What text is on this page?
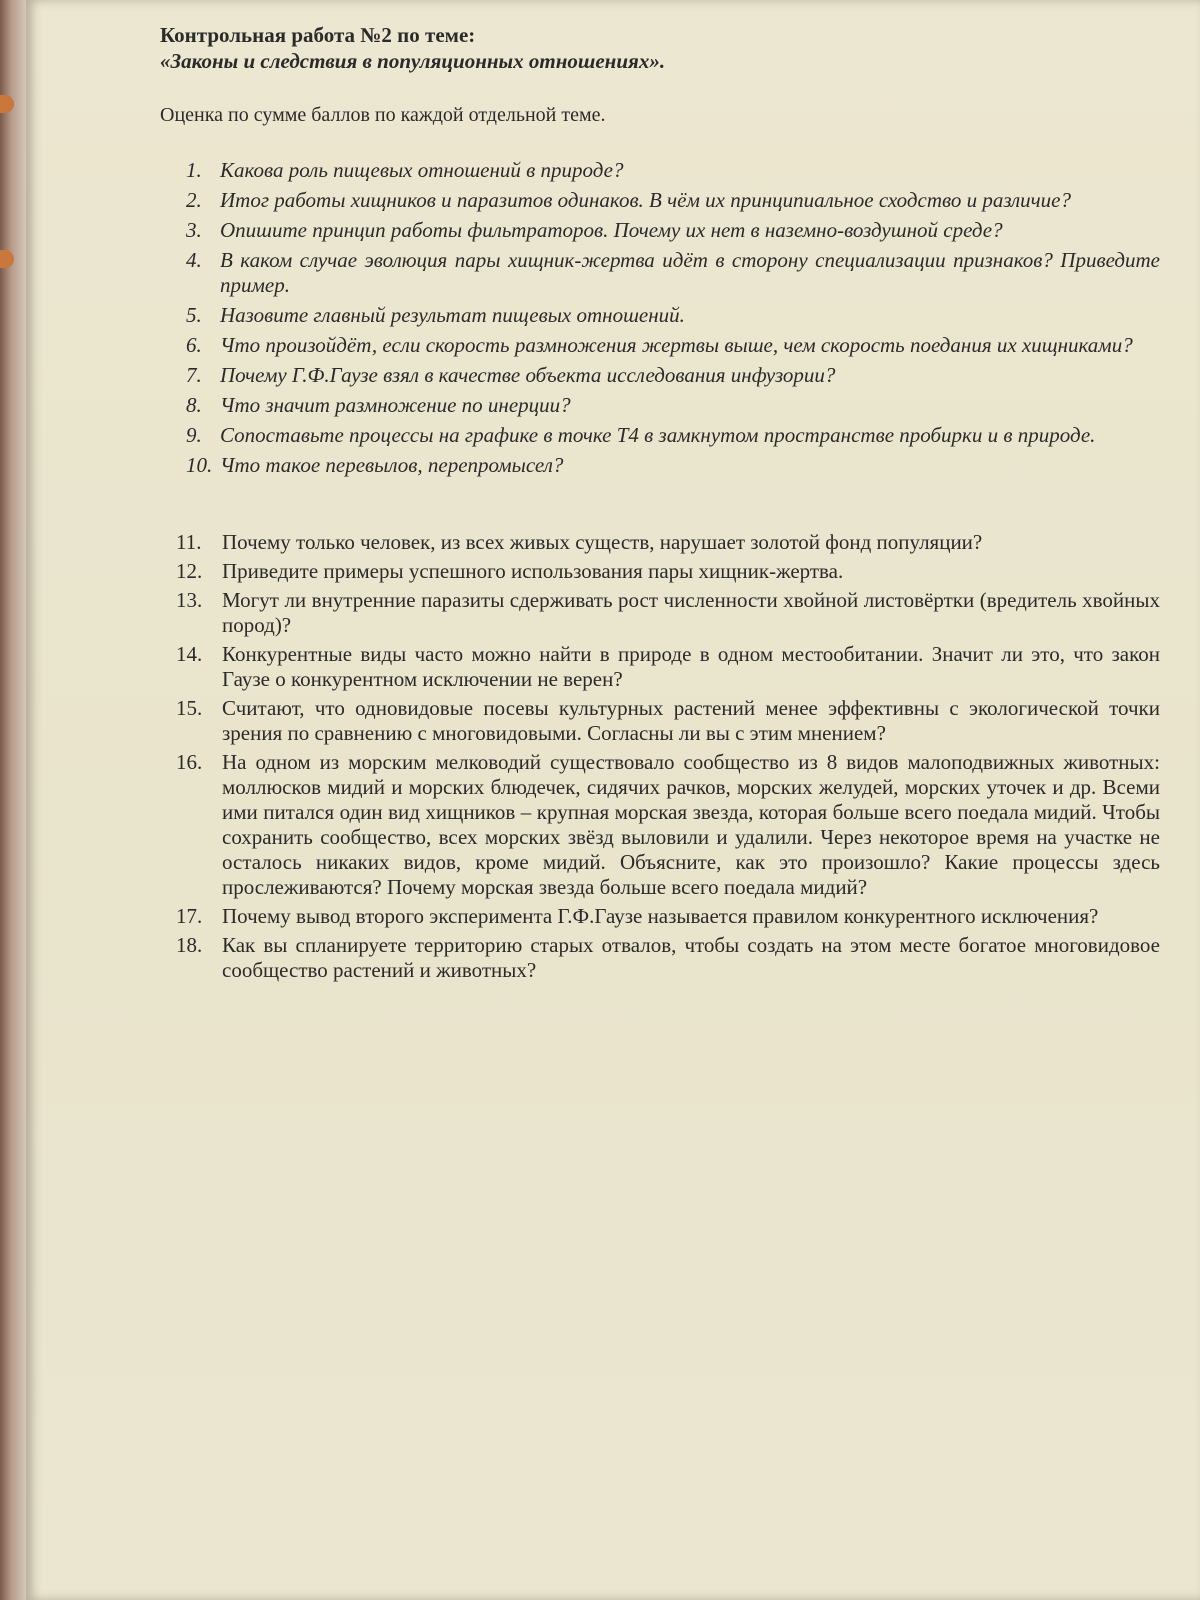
Контрольная работа №2 по теме:

«Законы и следствия в популяционных отношениях».

Оценка по сумме баллов по каждой отдельной теме.

1. Какова роль пищевых отношений в природе?
2. Итог работы хищников и паразитов одинаков. В чём их принципиальное сходство и различие?
3. Опишите принцип работы фильтраторов. Почему их нет в наземно-воздушной среде?
4. В каком случае эволюция пары хищник-жертва идёт в сторону специализации признаков? Приведите пример.
5. Назовите главный результат пищевых отношений.
6. Что произойдёт, если скорость размножения жертвы выше, чем скорость поедания их хищниками?
7. Почему Г.Ф.Гаузе взял в качестве объекта исследования инфузории?
8. Что значит размножение по инерции?
9. Сопоставьте процессы на графике в точке Т4 в замкнутом пространстве пробирки и в природе.
10. Что такое перевылов, перепромысел?
11. Почему только человек, из всех живых существ, нарушает золотой фонд популяции?
12. Приведите примеры успешного использования пары хищник-жертва.
13. Могут ли внутренние паразиты сдерживать рост численности хвойной листовёртки (вредитель хвойных пород)?
14. Конкурентные виды часто можно найти в природе в одном местообитании. Значит ли это, что закон Гаузе о конкурентном исключении не верен?
15. Считают, что одновидовые посевы культурных растений менее эффективны с экологической точки зрения по сравнению с многовидовыми. Согласны ли вы с этим мнением?
16. На одном из морским мелководий существовало сообщество из 8 видов малоподвижных животных: моллюсков мидий и морских блюдечек, сидячих рачков, морских желудей, морских уточек и др. Всеми ими питался один вид хищников – крупная морская звезда, которая больше всего поедала мидий. Чтобы сохранить сообщество, всех морских звёзд выловили и удалили. Через некоторое время на участке не осталось никаких видов, кроме мидий. Объясните, как это произошло? Какие процессы здесь прослеживаются? Почему морская звезда больше всего поедала мидий?
17. Почему вывод второго эксперимента Г.Ф.Гаузе называется правилом конкурентного исключения?
18. Как вы спланируете территорию старых отвалов, чтобы создать на этом месте богатое многовидовое сообщество растений и животных?
